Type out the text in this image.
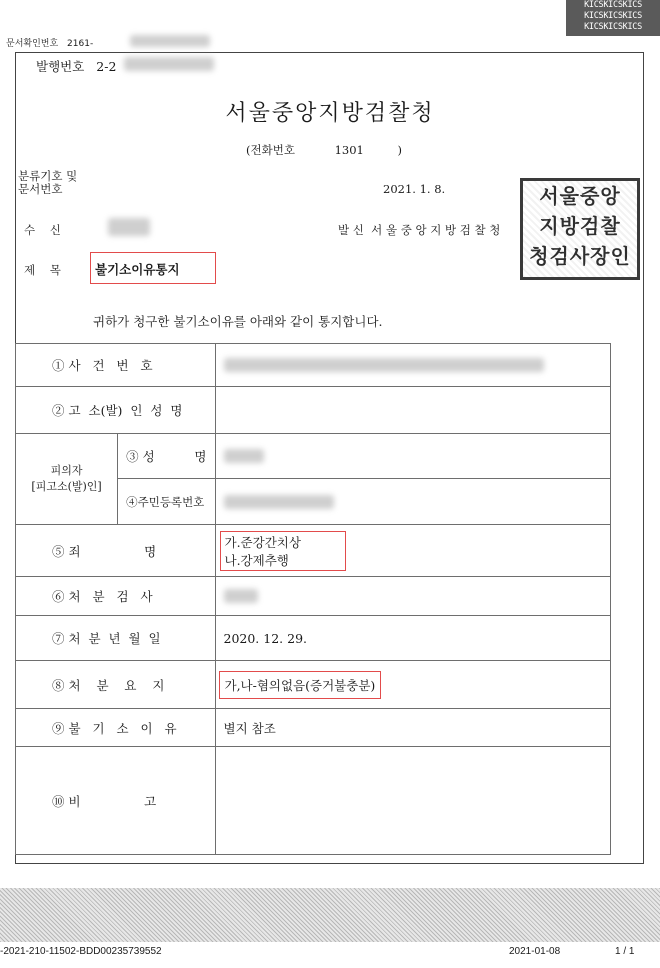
KICSKICSKICS
KICSKICSKICS
KICSKICSKICS
문서확인번호 2161-
발행번호 2-2
서울중앙지방검찰청
(전화번호	1301	)
분류기호 및
문서번호	2021. 1. 8.
수    신	발 신  서 울 중 앙 지 방 검 찰 청
서울중앙
지방검찰
청검사장인
제    목	불기소이유통지
귀하가 청구한 불기소이유를 아래와 같이 통지합니다.
① 사   건   번   호		

② 고  소(발)  인  성  명		

피의자
[피고소(발)인]	③ 성          명	

	④주민등록번호	

⑤ 죄                명		가.준강간치상
나.강제추행

⑥ 처   분   검   사		

⑦ 처  분  년  월  일		2020. 12. 29.
⑧ 처    분    요    지		가,나-혐의없음(증거불충분)
⑨ 불   기   소   이   유		별지 참조
⑩ 비                고		
-2021-210-11502-BDD00235739552	2021-01-08	1 / 1
